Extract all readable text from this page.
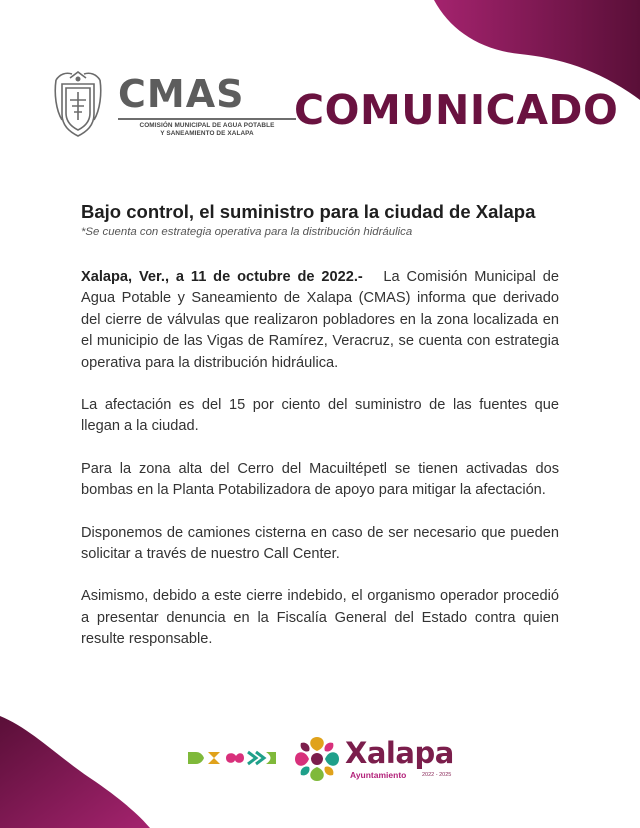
CMAS
COMISIÓN MUNICIPAL DE AGUA POTABLE
Y SANEAMIENTO DE XALAPA COMUNICADO
Bajo control, el suministro para la ciudad de Xalapa

*Se cuenta con estrategia operativa para la distribución hidráulica

Xalapa, Ver., a 11 de octubre de 2022.- La Comisión Municipal de Agua Potable y Saneamiento de Xalapa (CMAS) informa que derivado del cierre de válvulas que realizaron pobladores en la zona localizada en el municipio de las Vigas de Ramírez, Veracruz, se cuenta con estrategia operativa para la distribución hidráulica.

La afectación es del 15 por ciento del suministro de las fuentes que llegan a la ciudad.

Para la zona alta del Cerro del Macuiltépetl se tienen activadas dos bombas en la Planta Potabilizadora de apoyo para mitigar la afectación.

Disponemos de camiones cisterna en caso de ser necesario que pueden solicitar a través de nuestro Call Center.

Asimismo, debido a este cierre indebido, el organismo operador procedió a presentar denuncia en la Fiscalía General del Estado contra quien resulte responsable.

Xalapa
Ayuntamiento	2022 - 2025
